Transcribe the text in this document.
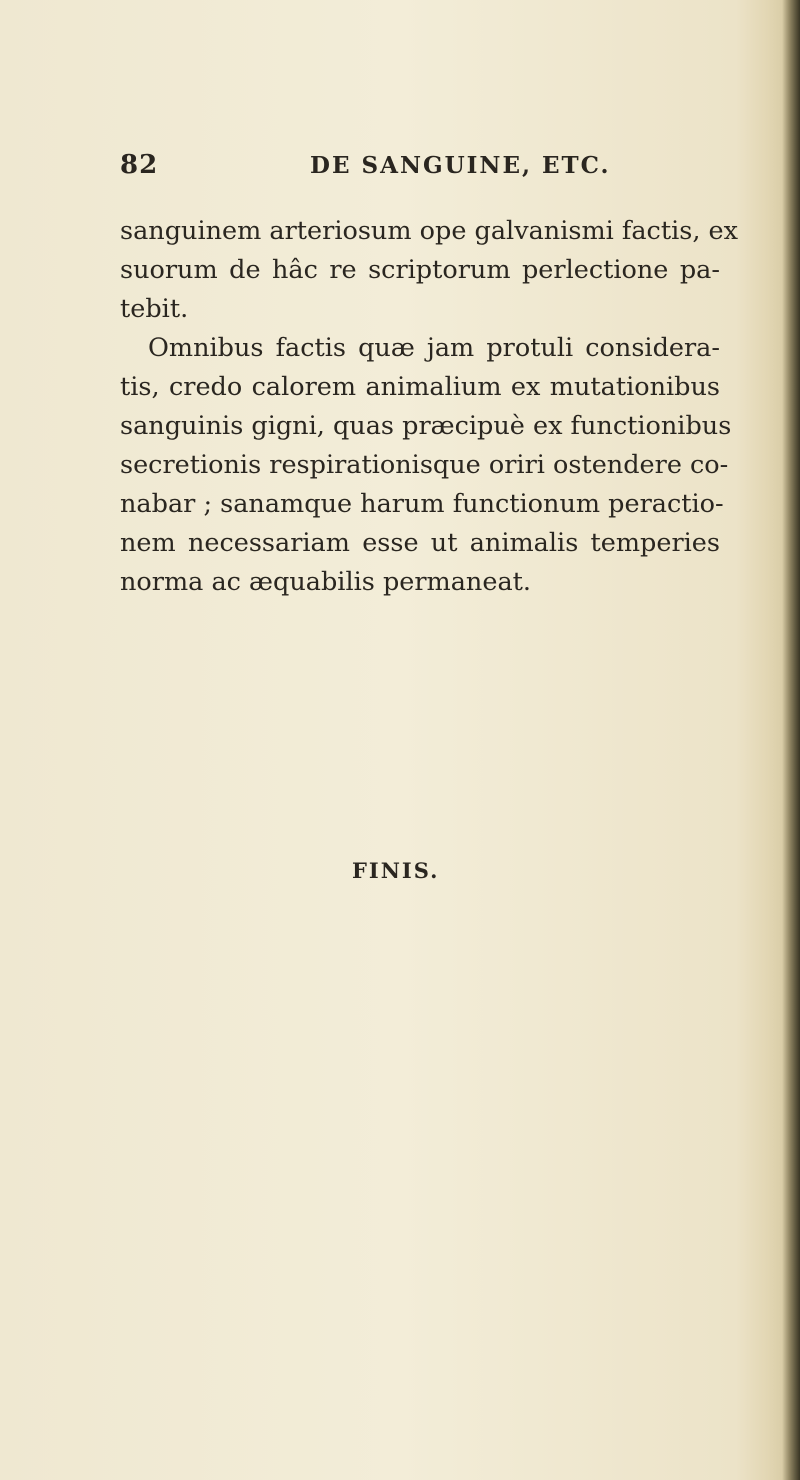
82	DE SANGUINE, ETC.
sanguinem arteriosum ope galvanismi factis, ex
suorum de hâc re scriptorum perlectione pa-
tebit.
Omnibus factis quæ jam protuli considera-
tis, credo calorem animalium ex mutationibus
sanguinis gigni, quas præcipuè ex functionibus
secretionis respirationisque oriri ostendere co-
nabar ; sanamque harum functionum peractio-
nem necessariam esse ut animalis temperies
norma ac æquabilis permaneat.
FINIS.
